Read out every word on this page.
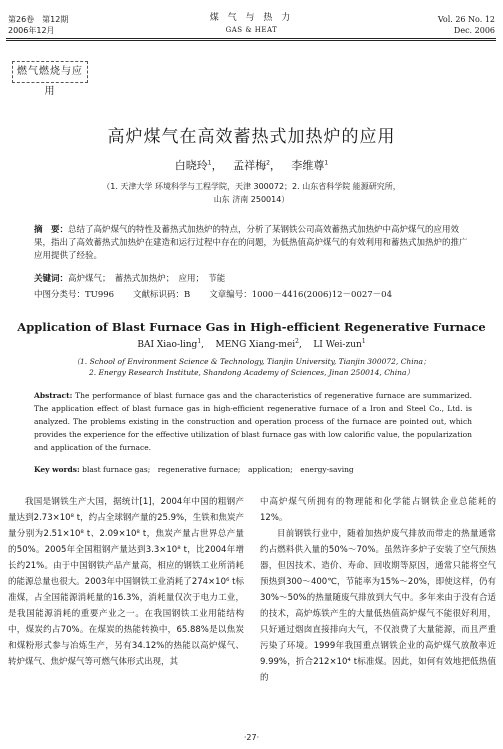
第26卷　第12期
2006年12月
煤 气 与 热 力
GAS & HEAT
Vol. 26 No. 12
Dec. 2006
燃气燃烧与应用
高炉煤气在高效蓄热式加热炉的应用
白晓玲$^1$，   孟祥梅$^2$，   李维尊$^1$
（1. 天津大学 环境科学与工程学院，天津 300072；2. 山东省科学院 能源研究所，
山东 济南 250014）
摘　要：总结了高炉煤气的特性及蓄热式加热炉的特点，分析了某钢铁公司高效蓄热式加热炉中高炉煤气的应用效果，指出了高效蓄热式加热炉在建造和运行过程中存在的问题，为低热值高炉煤气的有效利用和蓄热式加热炉的推广应用提供了经验。
关键词：高炉煤气；　蓄热式加热炉；　应用；　节能
中图分类号：TU996 文献标识码：B 文章编号：1000－4416(2006)12－0027－04
Application of Blast Furnace Gas in High-efficient Regenerative Furnace
BAI Xiao-ling$^1$,    MENG Xiang-mei$^2$,    LI Wei-zun$^1$
（1. School of Environment Science & Technology, Tianjin University, Tianjin 300072, China；
2. Energy Research Institute, Shandong Academy of Sciences, Jinan 250014, China）
Abstract: The performance of blast furnace gas and the characteristics of regenerative furnace are summarized. The application effect of blast furnace gas in high-efficient regenerative furnace of a Iron and Steel Co., Ltd. is analyzed. The problems existing in the construction and operation process of the furnace are pointed out, which provides the experience for the effective utilization of blast furnace gas with low calorific value, the popularization and application of the furnace.
Key words: blast furnace gas;　regenerative furnace;　application;　energy-saving
我国是钢铁生产大国，据统计[1]，2004年中国的粗钢产量达到2.73×10⁸ t，约占全球钢产量的25.9%，生铁和焦炭产量分别为2.51×10⁸ t、2.09×10⁸ t，焦炭产量占世界总产量的50%。2005年全国粗钢产量达到3.3×10⁸ t，比2004年增长约21%。由于中国钢铁产品产量高，相应的钢铁工业所消耗的能源总量也很大。2003年中国钢铁工业消耗了274×10⁶ t标准煤，占全国能源消耗量的16.3%，消耗量仅次于电力工业，是我国能源消耗的重要产业之一。在我国钢铁工业用能结构中，煤炭约占70%。在煤炭的热能转换中，65.88%是以焦炭和煤粉形式参与冶炼生产，另有34.12%的热能以高炉煤气、转炉煤气、焦炉煤气等可燃气体形式出现，其
中高炉煤气所拥有的物理能和化学能占钢铁企业总能耗的12%。
目前钢铁行业中，随着加热炉废气排放而带走的热量通常约占燃料供入量的50%～70%。虽然许多炉子安装了空气预热器，但因技术、造价、寿命、回收期等原因，通常只能将空气预热到300～400℃，节能率为15%～20%，即使这样，仍有30%～50%的热量随废气排放到大气中。多年来由于没有合适的技术，高炉炼铁产生的大量低热值高炉煤气不能很好利用，只好通过烟囱直接排向大气，不仅浪费了大量能源，而且严重污染了环境。1999年我国重点钢铁企业的高炉煤气放散率近9.99%，折合212×10⁴ t标准煤。因此，如何有效地把低热值的
·27·
